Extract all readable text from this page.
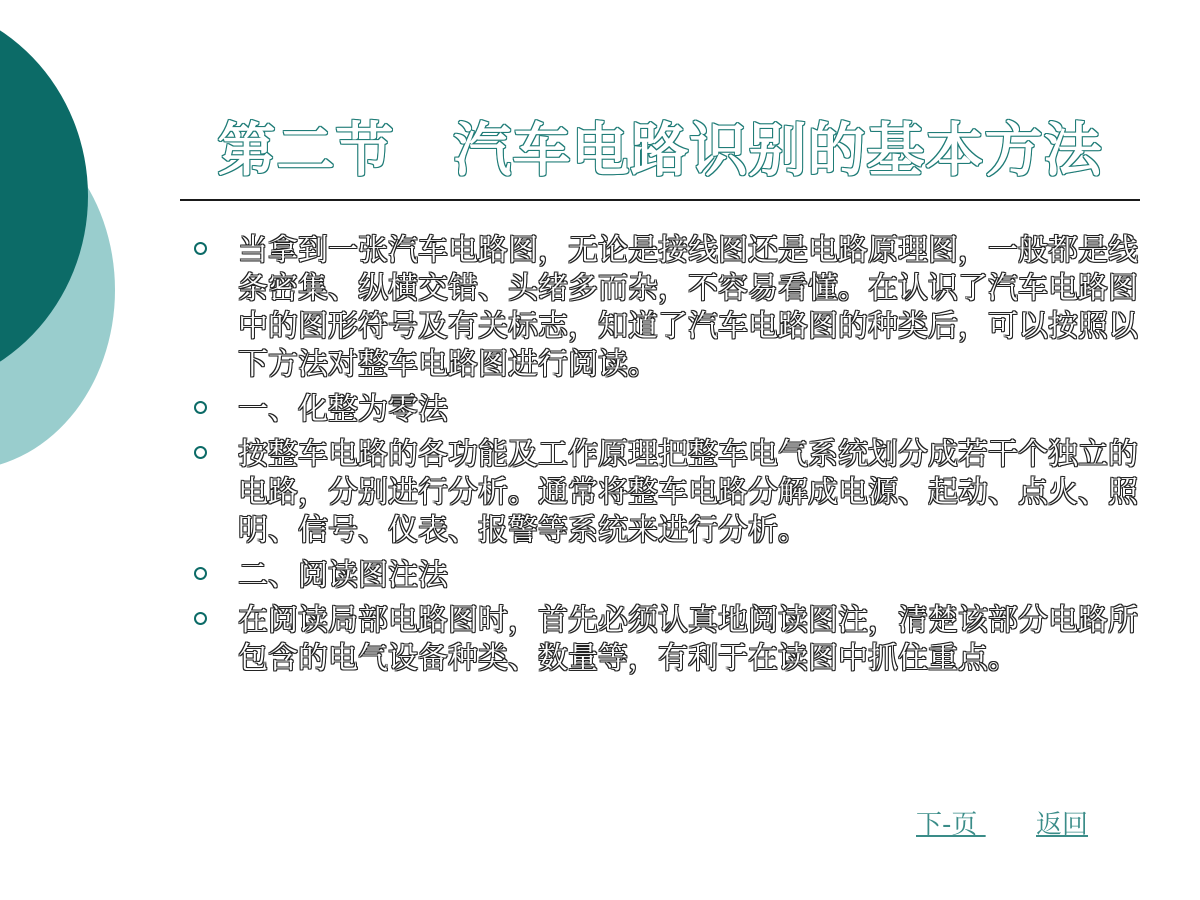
第二节　汽车电路识别的基本方法
当拿到一张汽车电路图，无论是接线图还是电路原理图，一般都是线条密集、纵横交错、头绪多而杂，不容易看懂。在认识了汽车电路图中的图形符号及有关标志，知道了汽车电路图的种类后，可以按照以下方法对整车电路图进行阅读。
一、化整为零法
按整车电路的各功能及工作原理把整车电气系统划分成若干个独立的电路，分别进行分析。通常将整车电路分解成电源、起动、点火、照明、信号、仪表、报警等系统来进行分析。
二、阅读图注法
在阅读局部电路图时，首先必须认真地阅读图注，清楚该部分电路所包含的电气设备种类、数量等，有利于在读图中抓住重点。
下-页 返回
